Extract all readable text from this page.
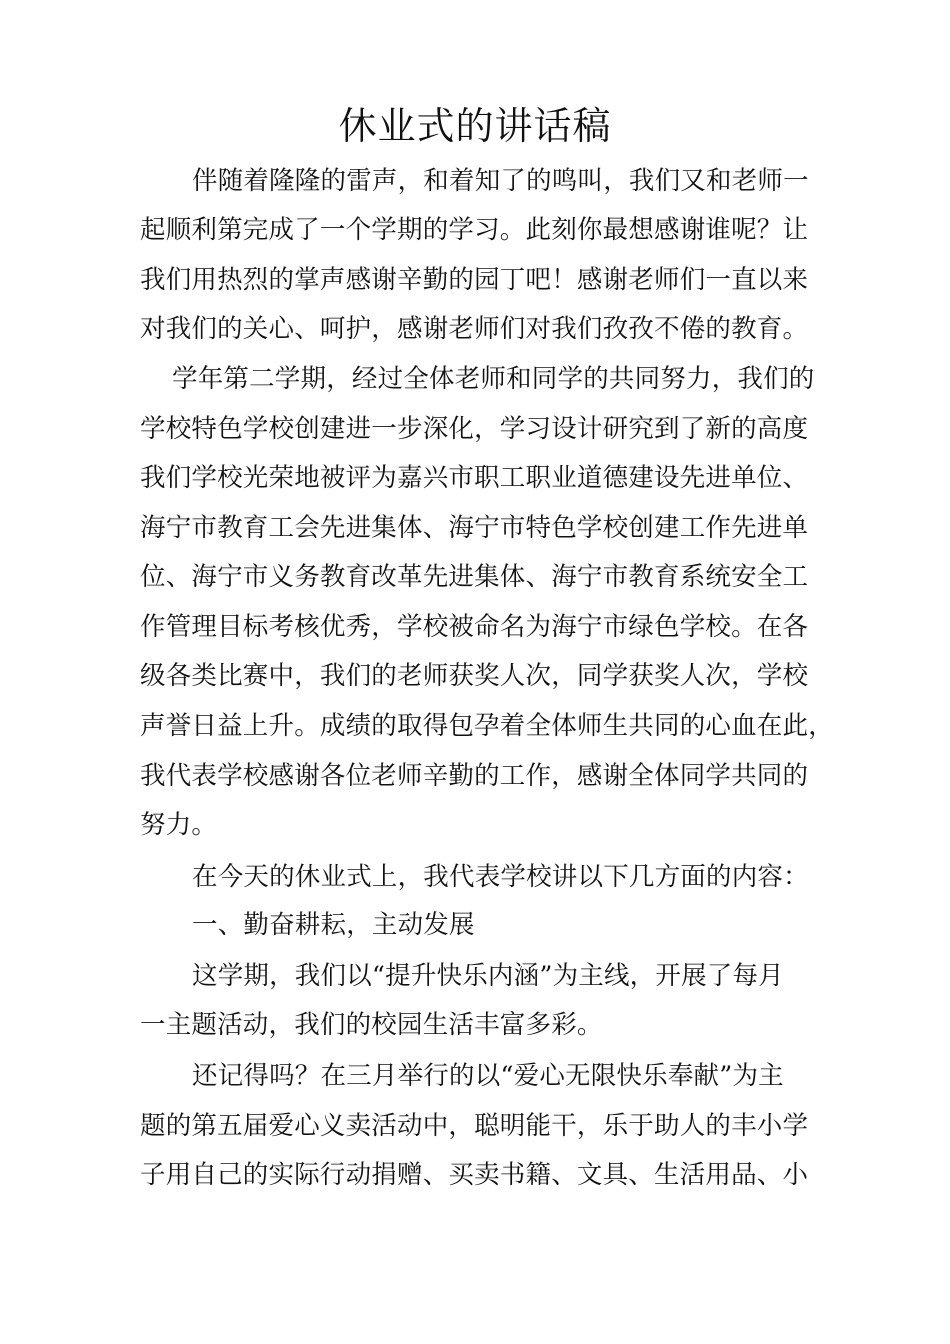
休业式的讲话稿
伴随着隆隆的雷声，和着知了的鸣叫，我们又和老师一
起顺利第完成了一个学期的学习。此刻你最想感谢谁呢？让
我们用热烈的掌声感谢辛勤的园丁吧！感谢老师们一直以来
对我们的关心、呵护，感谢老师们对我们孜孜不倦的教育。
学年第二学期，经过全体老师和同学的共同努力，我们的
学校特色学校创建进一步深化，学习设计研究到了新的高度
我们学校光荣地被评为嘉兴市职工职业道德建设先进单位、
海宁市教育工会先进集体、海宁市特色学校创建工作先进单
位、海宁市义务教育改革先进集体、海宁市教育系统安全工
作管理目标考核优秀，学校被命名为海宁市绿色学校。在各
级各类比赛中，我们的老师获奖人次，同学获奖人次，学校
声誉日益上升。成绩的取得包孕着全体师生共同的心血在此，
我代表学校感谢各位老师辛勤的工作，感谢全体同学共同的
努力。
在今天的休业式上，我代表学校讲以下几方面的内容：
一、勤奋耕耘，主动发展
这学期，我们以“提升快乐内涵”为主线，开展了每月
一主题活动，我们的校园生活丰富多彩。
还记得吗？在三月举行的以“爱心无限快乐奉献”为主
题的第五届爱心义卖活动中，聪明能干，乐于助人的丰小学
子用自己的实际行动捐赠、买卖书籍、文具、生活用品、小
